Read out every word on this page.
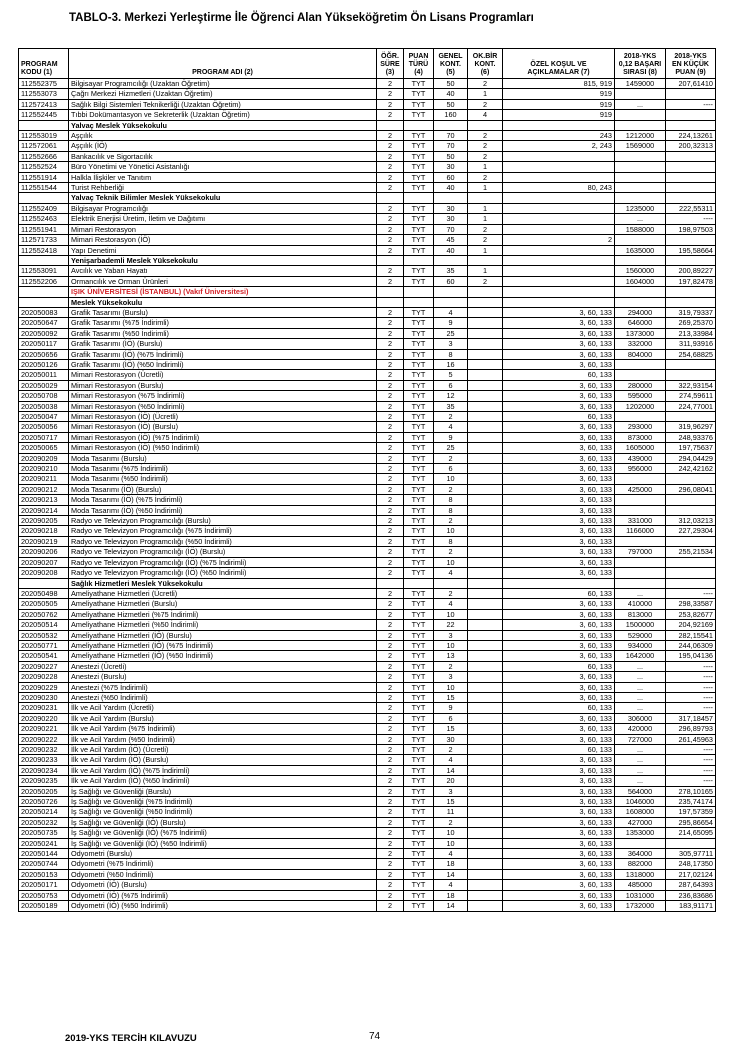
TABLO-3. Merkezi Yerleştirme İle Öğrenci Alan Yükseköğretim Ön Lisans Programları
PROGRAM
KODU (1)	PROGRAM ADI (2)	ÖĞR.
SÜRE
(3)	PUAN
TÜRÜ
(4)	GENEL
KONT.
(5)	OK.BİR
KONT.
(6)	ÖZEL KOŞUL VE
AÇIKLAMALAR (7)	2018-YKS
0,12 BAŞARI
SIRASI (8)	2018-YKS
EN KÜÇÜK
PUAN (9)
112552375	Bilgisayar Programcılığı (Uzaktan Öğretim)	2	TYT	50	2	815, 919	1459000	207,61410
112553073	Çağrı Merkezi Hizmetleri (Uzaktan Öğretim)	2	TYT	40	1	919		
112572413	Sağlık Bilgi Sistemleri Teknikerliği (Uzaktan Öğretim)	2	TYT	50	2	919	...	----
112552445	Tıbbi Dokümantasyon ve Sekreterlik (Uzaktan Öğretim)	2	TYT	160	4	919		
	Yalvaç Meslek Yüksekokulu							
112553019	Aşçılık	2	TYT	70	2	243	1212000	224,13261
112572061	Aşçılık (İÖ)	2	TYT	70	2	2, 243	1569000	200,32313
112552666	Bankacılık ve Sigortacılık	2	TYT	50	2			
112552524	Büro Yönetimi ve Yönetici Asistanlığı	2	TYT	30	1			
112551914	Halkla İlişkiler ve Tanıtım	2	TYT	60	2			
112551544	Turist Rehberliği	2	TYT	40	1	80, 243		
	Yalvaç Teknik Bilimler Meslek Yüksekokulu							
112552409	Bilgisayar Programcılığı	2	TYT	30	1		1235000	222,55311
112552463	Elektrik Enerjisi Üretim, İletim ve Dağıtımı	2	TYT	30	1		...	----
112551941	Mimari Restorasyon	2	TYT	70	2		1588000	198,97503
112571733	Mimari Restorasyon (İÖ)	2	TYT	45	2	2		
112552418	Yapı Denetimi	2	TYT	40	1		1635000	195,58664
	Yenişarbademli Meslek Yüksekokulu							
112553091	Avcılık ve Yaban Hayatı	2	TYT	35	1		1560000	200,89227
112552206	Ormancılık ve Orman Ürünleri	2	TYT	60	2		1604000	197,82478
	IŞIK ÜNİVERSİTESİ (İSTANBUL) (Vakıf Üniversitesi)							
	Meslek Yüksekokulu							
202050083	Grafik Tasarımı (Burslu)	2	TYT	4		3, 60, 133	294000	319,79337
202050647	Grafik Tasarımı (%75 İndirimli)	2	TYT	9		3, 60, 133	646000	269,25370
202050092	Grafik Tasarımı (%50 İndirimli)	2	TYT	25		3, 60, 133	1373000	213,33984
202050117	Grafik Tasarımı (İÖ) (Burslu)	2	TYT	3		3, 60, 133	332000	311,93916
202050656	Grafik Tasarımı (İÖ) (%75 İndirimli)	2	TYT	8		3, 60, 133	804000	254,68825
202050126	Grafik Tasarımı (İÖ) (%50 İndirimli)	2	TYT	16		3, 60, 133		
202050011	Mimari Restorasyon (Ücretli)	2	TYT	5		60, 133		
202050029	Mimari Restorasyon (Burslu)	2	TYT	6		3, 60, 133	280000	322,93154
202050708	Mimari Restorasyon (%75 İndirimli)	2	TYT	12		3, 60, 133	595000	274,59611
202050038	Mimari Restorasyon (%50 İndirimli)	2	TYT	35		3, 60, 133	1202000	224,77001
202050047	Mimari Restorasyon (İÖ) (Ücretli)	2	TYT	2		60, 133		
202050056	Mimari Restorasyon (İÖ) (Burslu)	2	TYT	4		3, 60, 133	293000	319,96297
202050717	Mimari Restorasyon (İÖ) (%75 İndirimli)	2	TYT	9		3, 60, 133	873000	248,93376
202050065	Mimari Restorasyon (İÖ) (%50 İndirimli)	2	TYT	25		3, 60, 133	1605000	197,75637
202090209	Moda Tasarımı (Burslu)	2	TYT	2		3, 60, 133	439000	294,04429
202090210	Moda Tasarımı (%75 İndirimli)	2	TYT	6		3, 60, 133	956000	242,42162
202090211	Moda Tasarımı (%50 İndirimli)	2	TYT	10		3, 60, 133		
202090212	Moda Tasarımı (İÖ) (Burslu)	2	TYT	2		3, 60, 133	425000	296,08041
202090213	Moda Tasarımı (İÖ) (%75 İndirimli)	2	TYT	8		3, 60, 133		
202090214	Moda Tasarımı (İÖ) (%50 İndirimli)	2	TYT	8		3, 60, 133		
202090205	Radyo ve Televizyon Programcılığı (Burslu)	2	TYT	2		3, 60, 133	331000	312,03213
202090218	Radyo ve Televizyon Programcılığı (%75 İndirimli)	2	TYT	10		3, 60, 133	1166000	227,29304
202090219	Radyo ve Televizyon Programcılığı (%50 İndirimli)	2	TYT	8		3, 60, 133		
202090206	Radyo ve Televizyon Programcılığı (İÖ) (Burslu)	2	TYT	2		3, 60, 133	797000	255,21534
202090207	Radyo ve Televizyon Programcılığı (İÖ) (%75 İndirimli)	2	TYT	10		3, 60, 133		
202090208	Radyo ve Televizyon Programcılığı (İÖ) (%50 İndirimli)	2	TYT	4		3, 60, 133		
	Sağlık Hizmetleri Meslek Yüksekokulu							
202050498	Ameliyathane Hizmetleri (Ücretli)	2	TYT	2		60, 133	...	----
202050505	Ameliyathane Hizmetleri (Burslu)	2	TYT	4		3, 60, 133	410000	298,33587
202050762	Ameliyathane Hizmetleri (%75 İndirimli)	2	TYT	10		3, 60, 133	813000	253,82677
202050514	Ameliyathane Hizmetleri (%50 İndirimli)	2	TYT	22		3, 60, 133	1500000	204,92169
202050532	Ameliyathane Hizmetleri (İÖ) (Burslu)	2	TYT	3		3, 60, 133	529000	282,15541
202050771	Ameliyathane Hizmetleri (İÖ) (%75 İndirimli)	2	TYT	10		3, 60, 133	934000	244,06309
202050541	Ameliyathane Hizmetleri (İÖ) (%50 İndirimli)	2	TYT	13		3, 60, 133	1642000	195,04136
202090227	Anestezi (Ücretli)	2	TYT	2		60, 133	...	----
202090228	Anestezi (Burslu)	2	TYT	3		3, 60, 133	...	----
202090229	Anestezi (%75 İndirimli)	2	TYT	10		3, 60, 133	...	----
202090230	Anestezi (%50 İndirimli)	2	TYT	15		3, 60, 133	...	----
202090231	İlk ve Acil Yardım (Ücretli)	2	TYT	9		60, 133	...	----
202090220	İlk ve Acil Yardım (Burslu)	2	TYT	6		3, 60, 133	306000	317,18457
202090221	İlk ve Acil Yardım (%75 İndirimli)	2	TYT	15		3, 60, 133	420000	296,89793
202090222	İlk ve Acil Yardım (%50 İndirimli)	2	TYT	30		3, 60, 133	727000	261,45963
202090232	İlk ve Acil Yardım (İÖ) (Ücretli)	2	TYT	2		60, 133	...	----
202090233	İlk ve Acil Yardım (İÖ) (Burslu)	2	TYT	4		3, 60, 133	...	----
202090234	İlk ve Acil Yardım (İÖ) (%75 İndirimli)	2	TYT	14		3, 60, 133	...	----
202090235	İlk ve Acil Yardım (İÖ) (%50 İndirimli)	2	TYT	20		3, 60, 133	...	----
202050205	İş Sağlığı ve Güvenliği (Burslu)	2	TYT	3		3, 60, 133	564000	278,10165
202050726	İş Sağlığı ve Güvenliği (%75 İndirimli)	2	TYT	15		3, 60, 133	1046000	235,74174
202050214	İş Sağlığı ve Güvenliği (%50 İndirimli)	2	TYT	11		3, 60, 133	1608000	197,57359
202050232	İş Sağlığı ve Güvenliği (İÖ) (Burslu)	2	TYT	2		3, 60, 133	427000	295,86654
202050735	İş Sağlığı ve Güvenliği (İÖ) (%75 İndirimli)	2	TYT	10		3, 60, 133	1353000	214,65095
202050241	İş Sağlığı ve Güvenliği (İÖ) (%50 İndirimli)	2	TYT	10		3, 60, 133		
202050144	Odyometri (Burslu)	2	TYT	4		3, 60, 133	364000	305,97711
202050744	Odyometri (%75 İndirimli)	2	TYT	18		3, 60, 133	882000	248,17350
202050153	Odyometri (%50 İndirimli)	2	TYT	14		3, 60, 133	1318000	217,02124
202050171	Odyometri (İÖ) (Burslu)	2	TYT	4		3, 60, 133	485000	287,64393
202050753	Odyometri (İÖ) (%75 İndirimli)	2	TYT	18		3, 60, 133	1031000	236,83686
202050189	Odyometri (İÖ) (%50 İndirimli)	2	TYT	14		3, 60, 133	1732000	183,91171
2019-YKS TERCİH KILAVUZU	74
